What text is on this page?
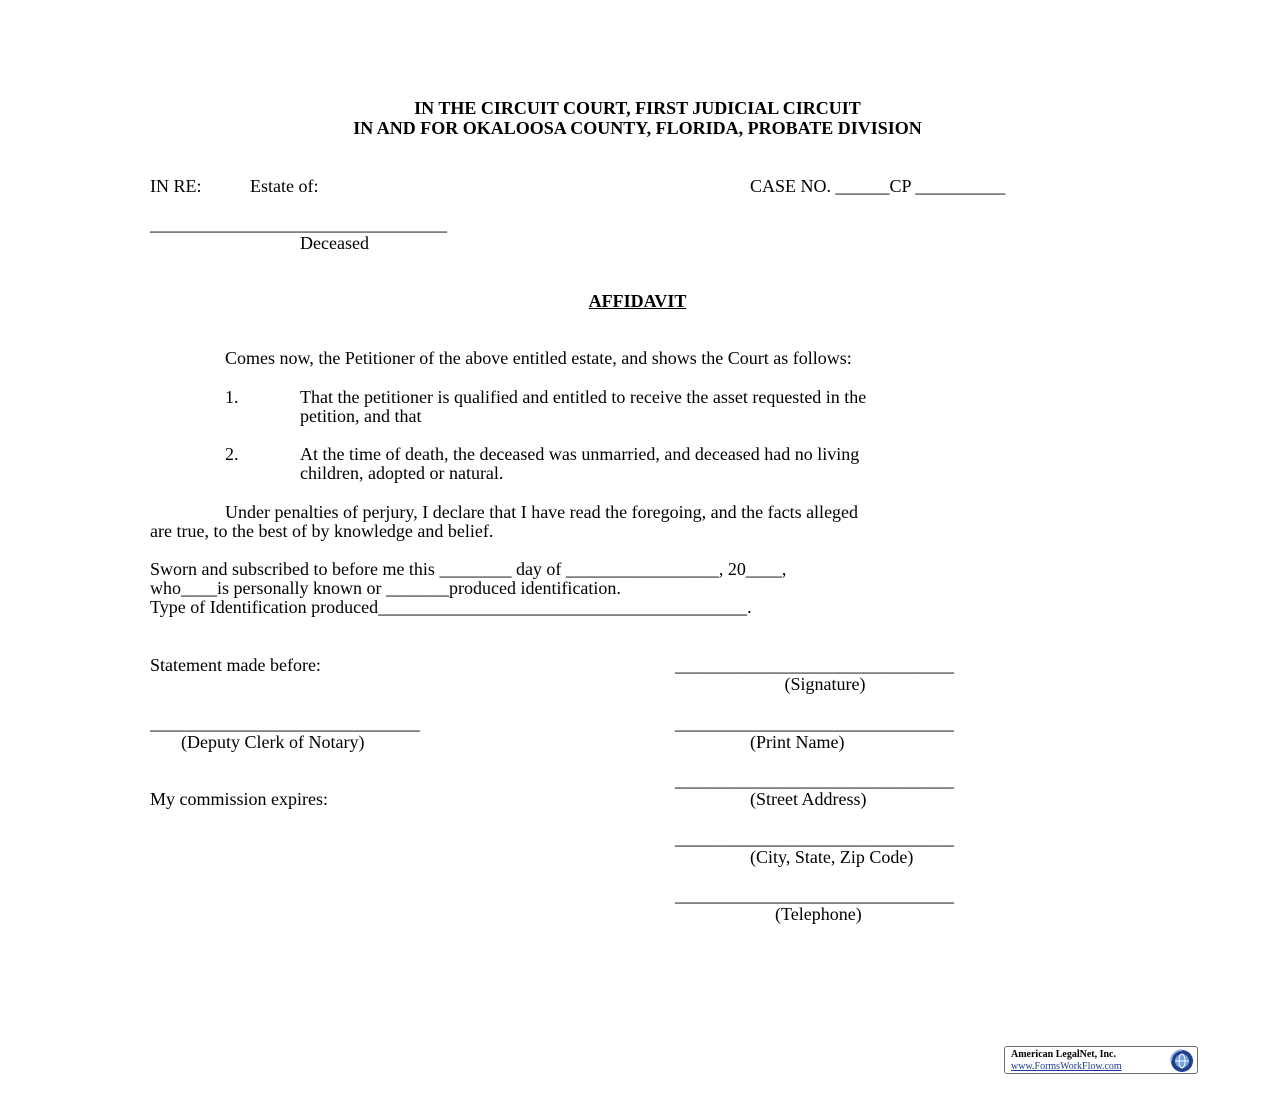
IN THE CIRCUIT COURT, FIRST JUDICIAL CIRCUIT
IN AND FOR OKALOOSA COUNTY, FLORIDA, PROBATE DIVISION
IN RE:	Estate of:	CASE NO. ______CP __________
_________________________________
Deceased
AFFIDAVIT
Comes now, the Petitioner of the above entitled estate, and shows the Court as follows:
1.	That the petitioner is qualified and entitled to receive the asset requested in the
petition, and that
2.	At the time of death, the deceased was unmarried, and deceased had no living
children, adopted or natural.
Under penalties of perjury, I declare that I have read the foregoing, and the facts alleged
are true, to the best of by knowledge and belief.
Sworn and subscribed to before me this ________ day of _________________, 20____,
who____is personally known or _______produced identification.
Type of Identification produced_________________________________________.
Statement made before:
______________________________
(Deputy Clerk of Notary)
My commission expires:
_______________________________
(Signature)
_______________________________
(Print Name)
_______________________________
(Street Address)
_______________________________
(City, State, Zip Code)
_______________________________
(Telephone)
American LegalNet, Inc.
www.FormsWorkFlow.com
